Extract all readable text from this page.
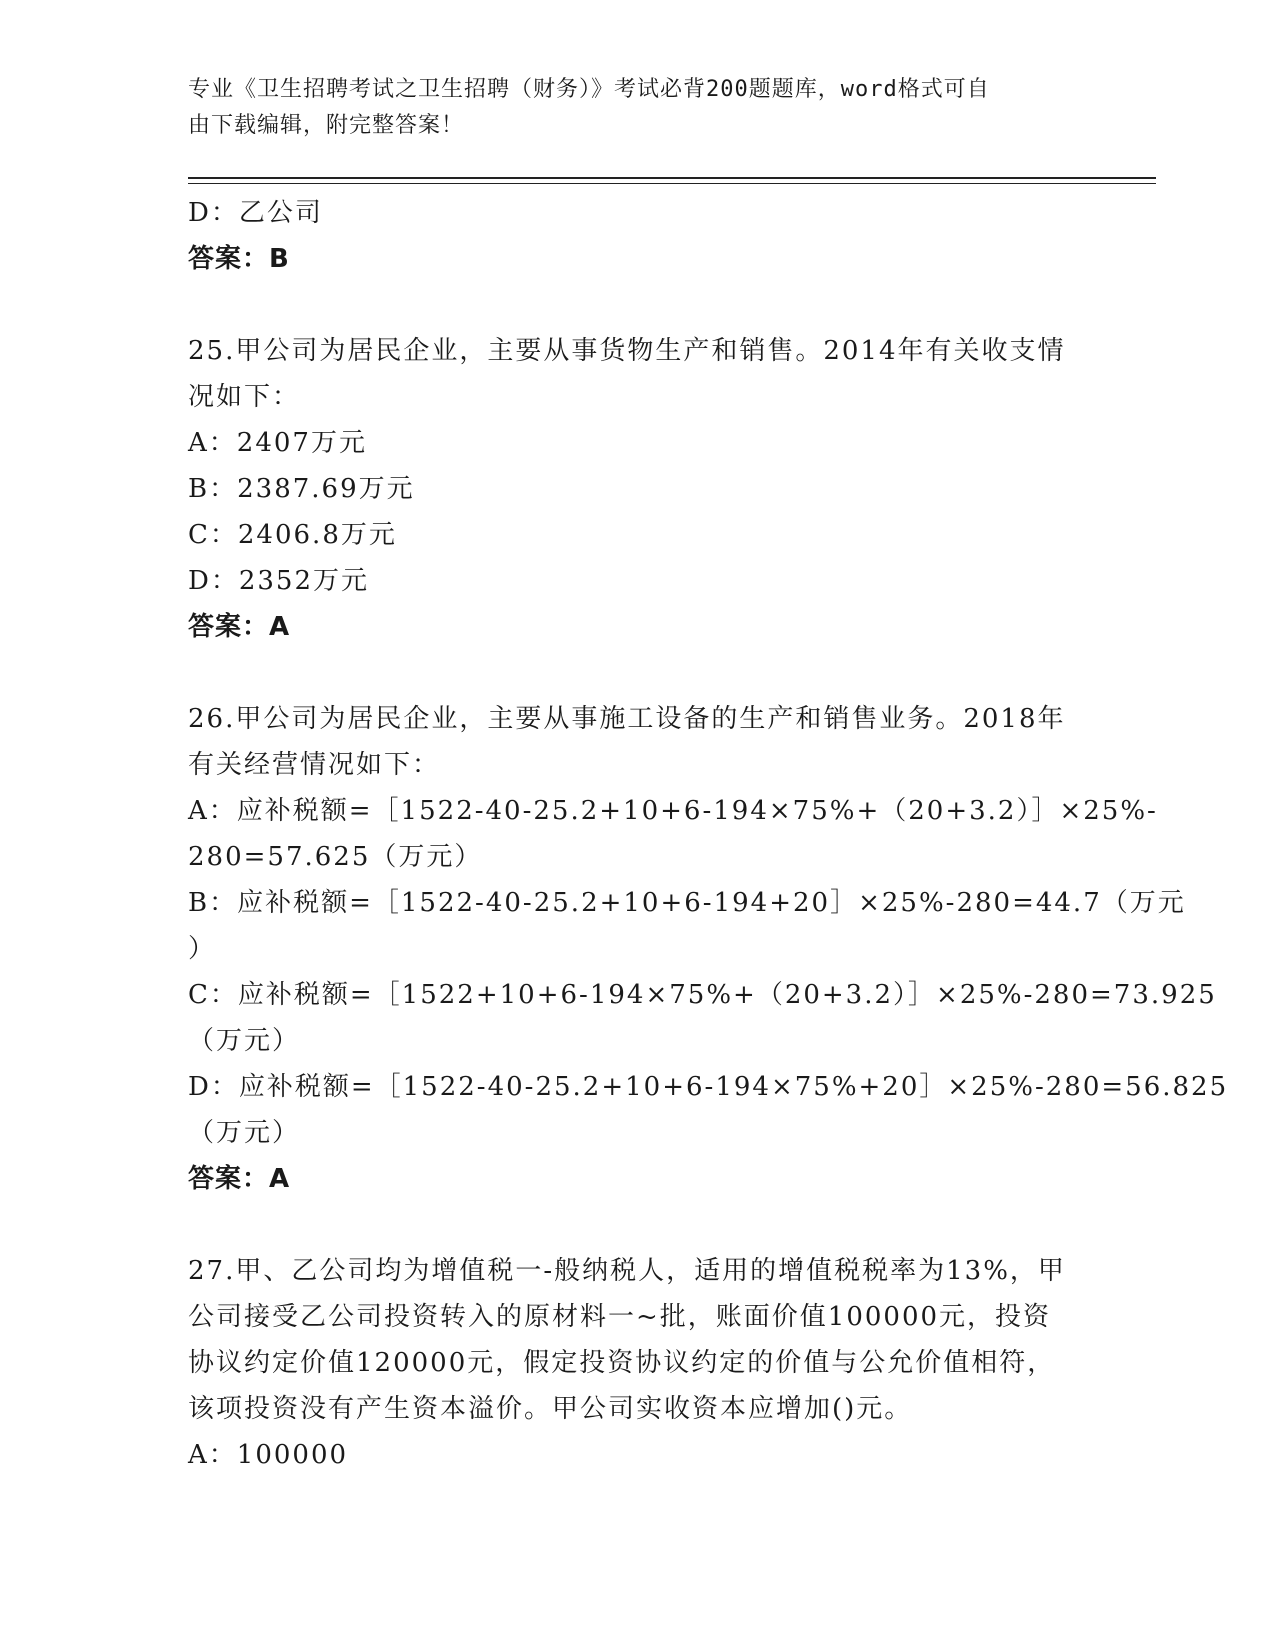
专业《卫生招聘考试之卫生招聘（财务）》考试必背200题题库，word格式可自
由下载编辑，附完整答案！

D：乙公司

答案：B

25.甲公司为居民企业，主要从事货物生产和销售。2014年有关收支情

况如下：

A：2407万元

B：2387.69万元

C：2406.8万元

D：2352万元

答案：A

26.甲公司为居民企业，主要从事施工设备的生产和销售业务。2018年

有关经营情况如下：

A：应补税额=［1522-40-25.2+10+6-194×75%+（20+3.2）］×25%-

280=57.625（万元）

B：应补税额=［1522-40-25.2+10+6-194+20］×25%-280=44.7（万元

）

C：应补税额=［1522+10+6-194×75%+（20+3.2）］×25%-280=73.925

（万元）

D：应补税额=［1522-40-25.2+10+6-194×75%+20］×25%-280=56.825

（万元）

答案：A

27.甲、乙公司均为增值税一-般纳税人，适用的增值税税率为13%，甲

公司接受乙公司投资转入的原材料一~批，账面价值100000元，投资

协议约定价值120000元，假定投资协议约定的价值与公允价值相符，

该项投资没有产生资本溢价。甲公司实收资本应增加()元。

A：100000
